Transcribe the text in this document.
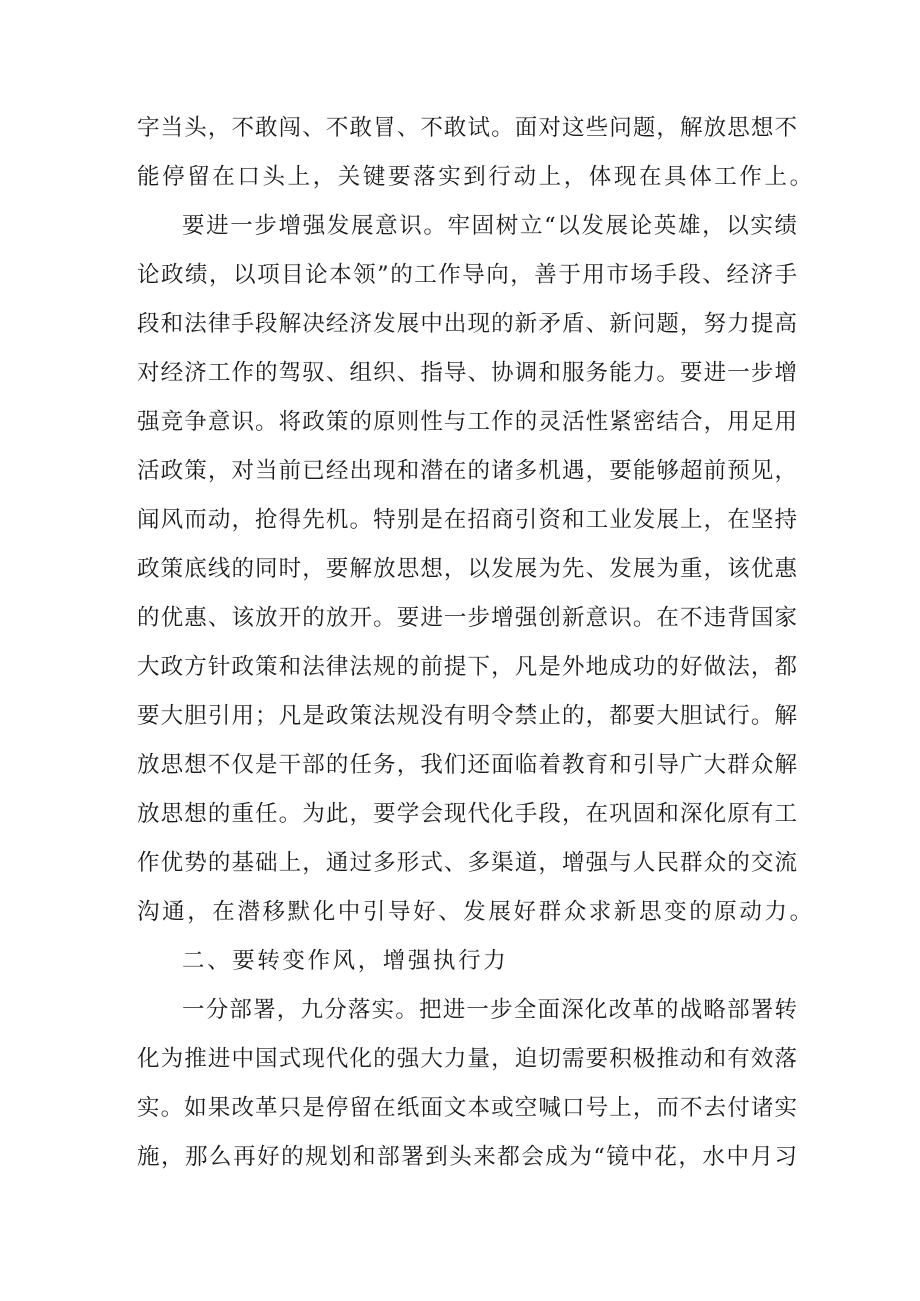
字当头，不敢闯、不敢冒、不敢试。面对这些问题，解放思想不
能停留在口头上，关键要落实到行动上，体现在具体工作上。
要进一步增强发展意识。牢固树立“以发展论英雄，以实绩
论政绩，以项目论本领”的工作导向，善于用市场手段、经济手
段和法律手段解决经济发展中出现的新矛盾、新问题，努力提高
对经济工作的驾驭、组织、指导、协调和服务能力。要进一步增
强竞争意识。将政策的原则性与工作的灵活性紧密结合，用足用
活政策，对当前已经出现和潜在的诸多机遇，要能够超前预见，
闻风而动，抢得先机。特别是在招商引资和工业发展上，在坚持
政策底线的同时，要解放思想，以发展为先、发展为重，该优惠
的优惠、该放开的放开。要进一步增强创新意识。在不违背国家
大政方针政策和法律法规的前提下，凡是外地成功的好做法，都
要大胆引用；凡是政策法规没有明令禁止的，都要大胆试行。解
放思想不仅是干部的任务，我们还面临着教育和引导广大群众解
放思想的重任。为此，要学会现代化手段，在巩固和深化原有工
作优势的基础上，通过多形式、多渠道，增强与人民群众的交流
沟通，在潜移默化中引导好、发展好群众求新思变的原动力。
二、要转变作风，增强执行力
一分部署，九分落实。把进一步全面深化改革的战略部署转
化为推进中国式现代化的强大力量，迫切需要积极推动和有效落
实。如果改革只是停留在纸面文本或空喊口号上，而不去付诸实
施，那么再好的规划和部署到头来都会成为“镜中花，水中月习
